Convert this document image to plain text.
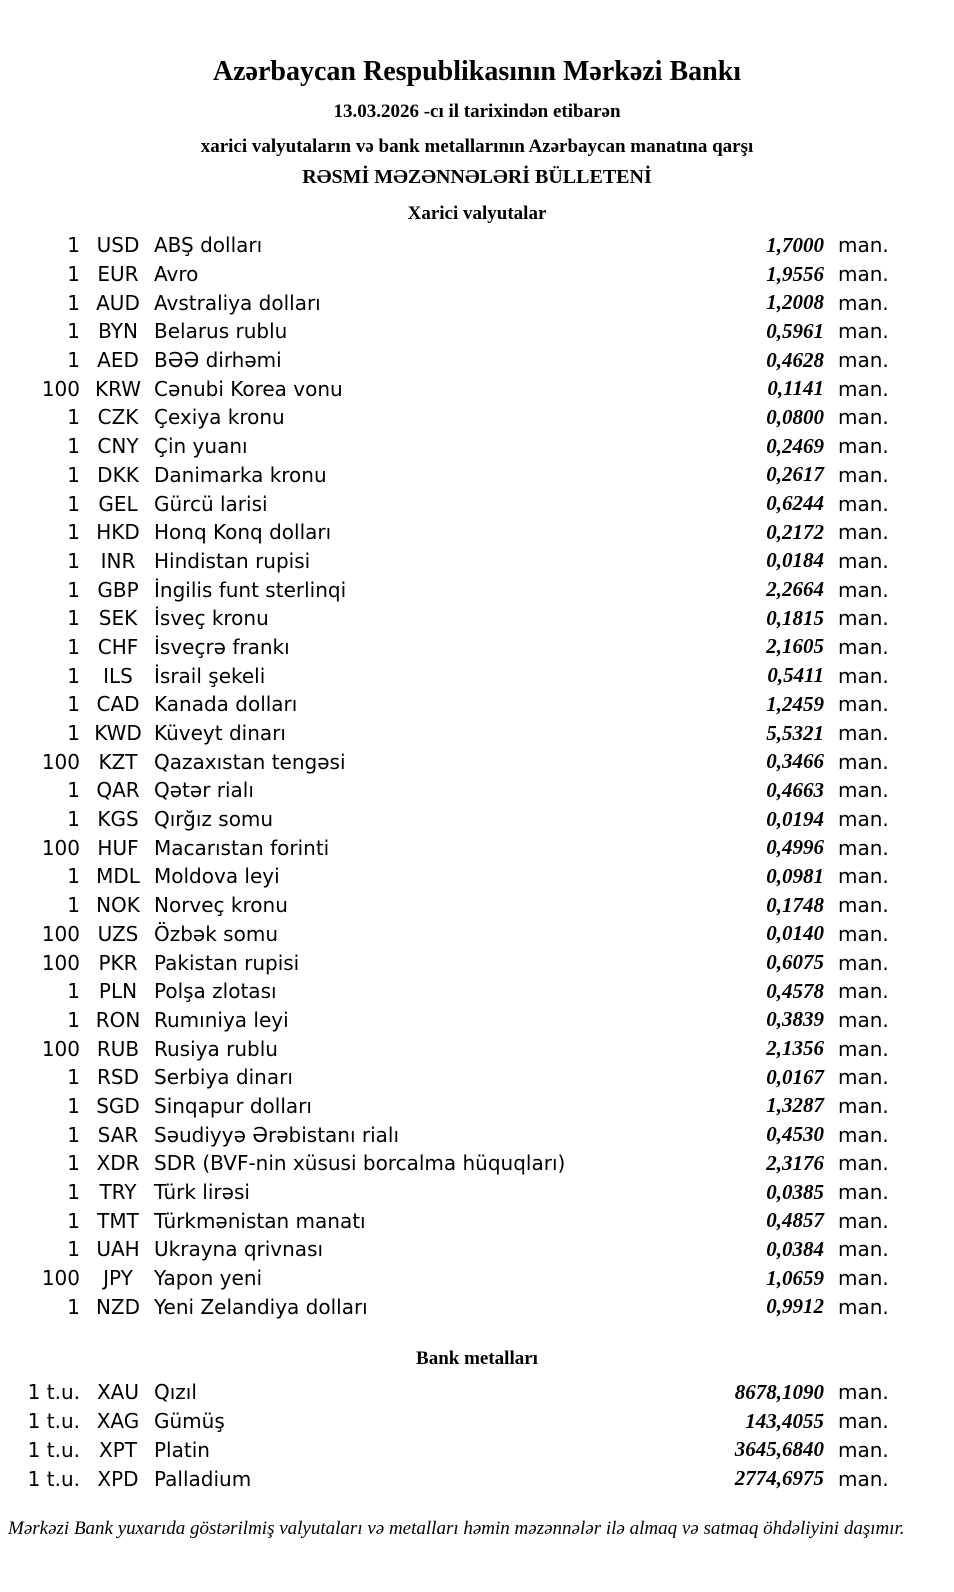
Azərbaycan Respublikasının Mərkəzi Bankı
13.03.2026 -cı il tarixindən etibarən
xarici valyutaların və bank metallarının Azərbaycan manatına qarşı
RƏSMİ MƏZƏNNƏLƏRİ BÜLLETENİ
Xarici valyutalar
1 USD ABŞ dolları	1,7000 man.
1 EUR Avro	1,9556 man.
1 AUD Avstraliya dolları	1,2008 man.
1 BYN Belarus rublu	0,5961 man.
1 AED BƏƏ dirhəmi	0,4628 man.
100 KRW Cənubi Korea vonu	0,1141 man.
1 CZK Çexiya kronu	0,0800 man.
1 CNY Çin yuanı	0,2469 man.
1 DKK Danimarka kronu	0,2617 man.
1 GEL Gürcü larisi	0,6244 man.
1 HKD Honq Konq dolları	0,2172 man.
1	INR Hindistan rupisi	0,0184 man.
1 GBP İngilis funt sterlinqi	2,2664 man.
1 SEK İsveç kronu	0,1815 man.
1 CHF İsveçrə frankı	2,1605 man.
1	ILS	İsrail şekeli	0,5411 man.
1 CAD Kanada dolları	1,2459 man.
1 KWD Küveyt dinarı	5,5321 man.
100 KZT Qazaxıstan tengəsi	0,3466 man.
1 QAR Qətər rialı	0,4663 man.
1 KGS Qırğız somu	0,0194 man.
100 HUF Macarıstan forinti	0,4996 man.
1 MDL Moldova leyi	0,0981 man.
1 NOK Norveç kronu	0,1748 man.
100 UZS Özbək somu	0,0140 man.
100 PKR Pakistan rupisi	0,6075 man.
1 PLN Polşa zlotası	0,4578 man.
1 RON Rumıniya leyi	0,3839 man.
100 RUB Rusiya rublu	2,1356 man.
1 RSD Serbiya dinarı	0,0167 man.
1 SGD Sinqapur dolları	1,3287 man.
1 SAR Səudiyyə Ərəbistanı rialı	0,4530 man.
1 XDR SDR (BVF-nin xüsusi borcalma hüquqları)	2,3176 man.
1 TRY Türk lirəsi	0,0385 man.
1 TMT Türkmənistan manatı	0,4857 man.
1 UAH Ukrayna qrivnası	0,0384 man.
100	JPY	Yapon yeni	1,0659 man.
1 NZD Yeni Zelandiya dolları	0,9912 man.
Bank metalları
1 t.u. XAU Qızıl	8678,1090 man.
1 t.u. XAG Gümüş	143,4055 man.
1 t.u. XPT Platin	3645,6840 man.
1 t.u. XPD Palladium	2774,6975 man.
Mərkəzi Bank yuxarıda göstərilmiş valyutaları və metalları həmin məzənnələr ilə almaq və satmaq öhdəliyini daşımır.
